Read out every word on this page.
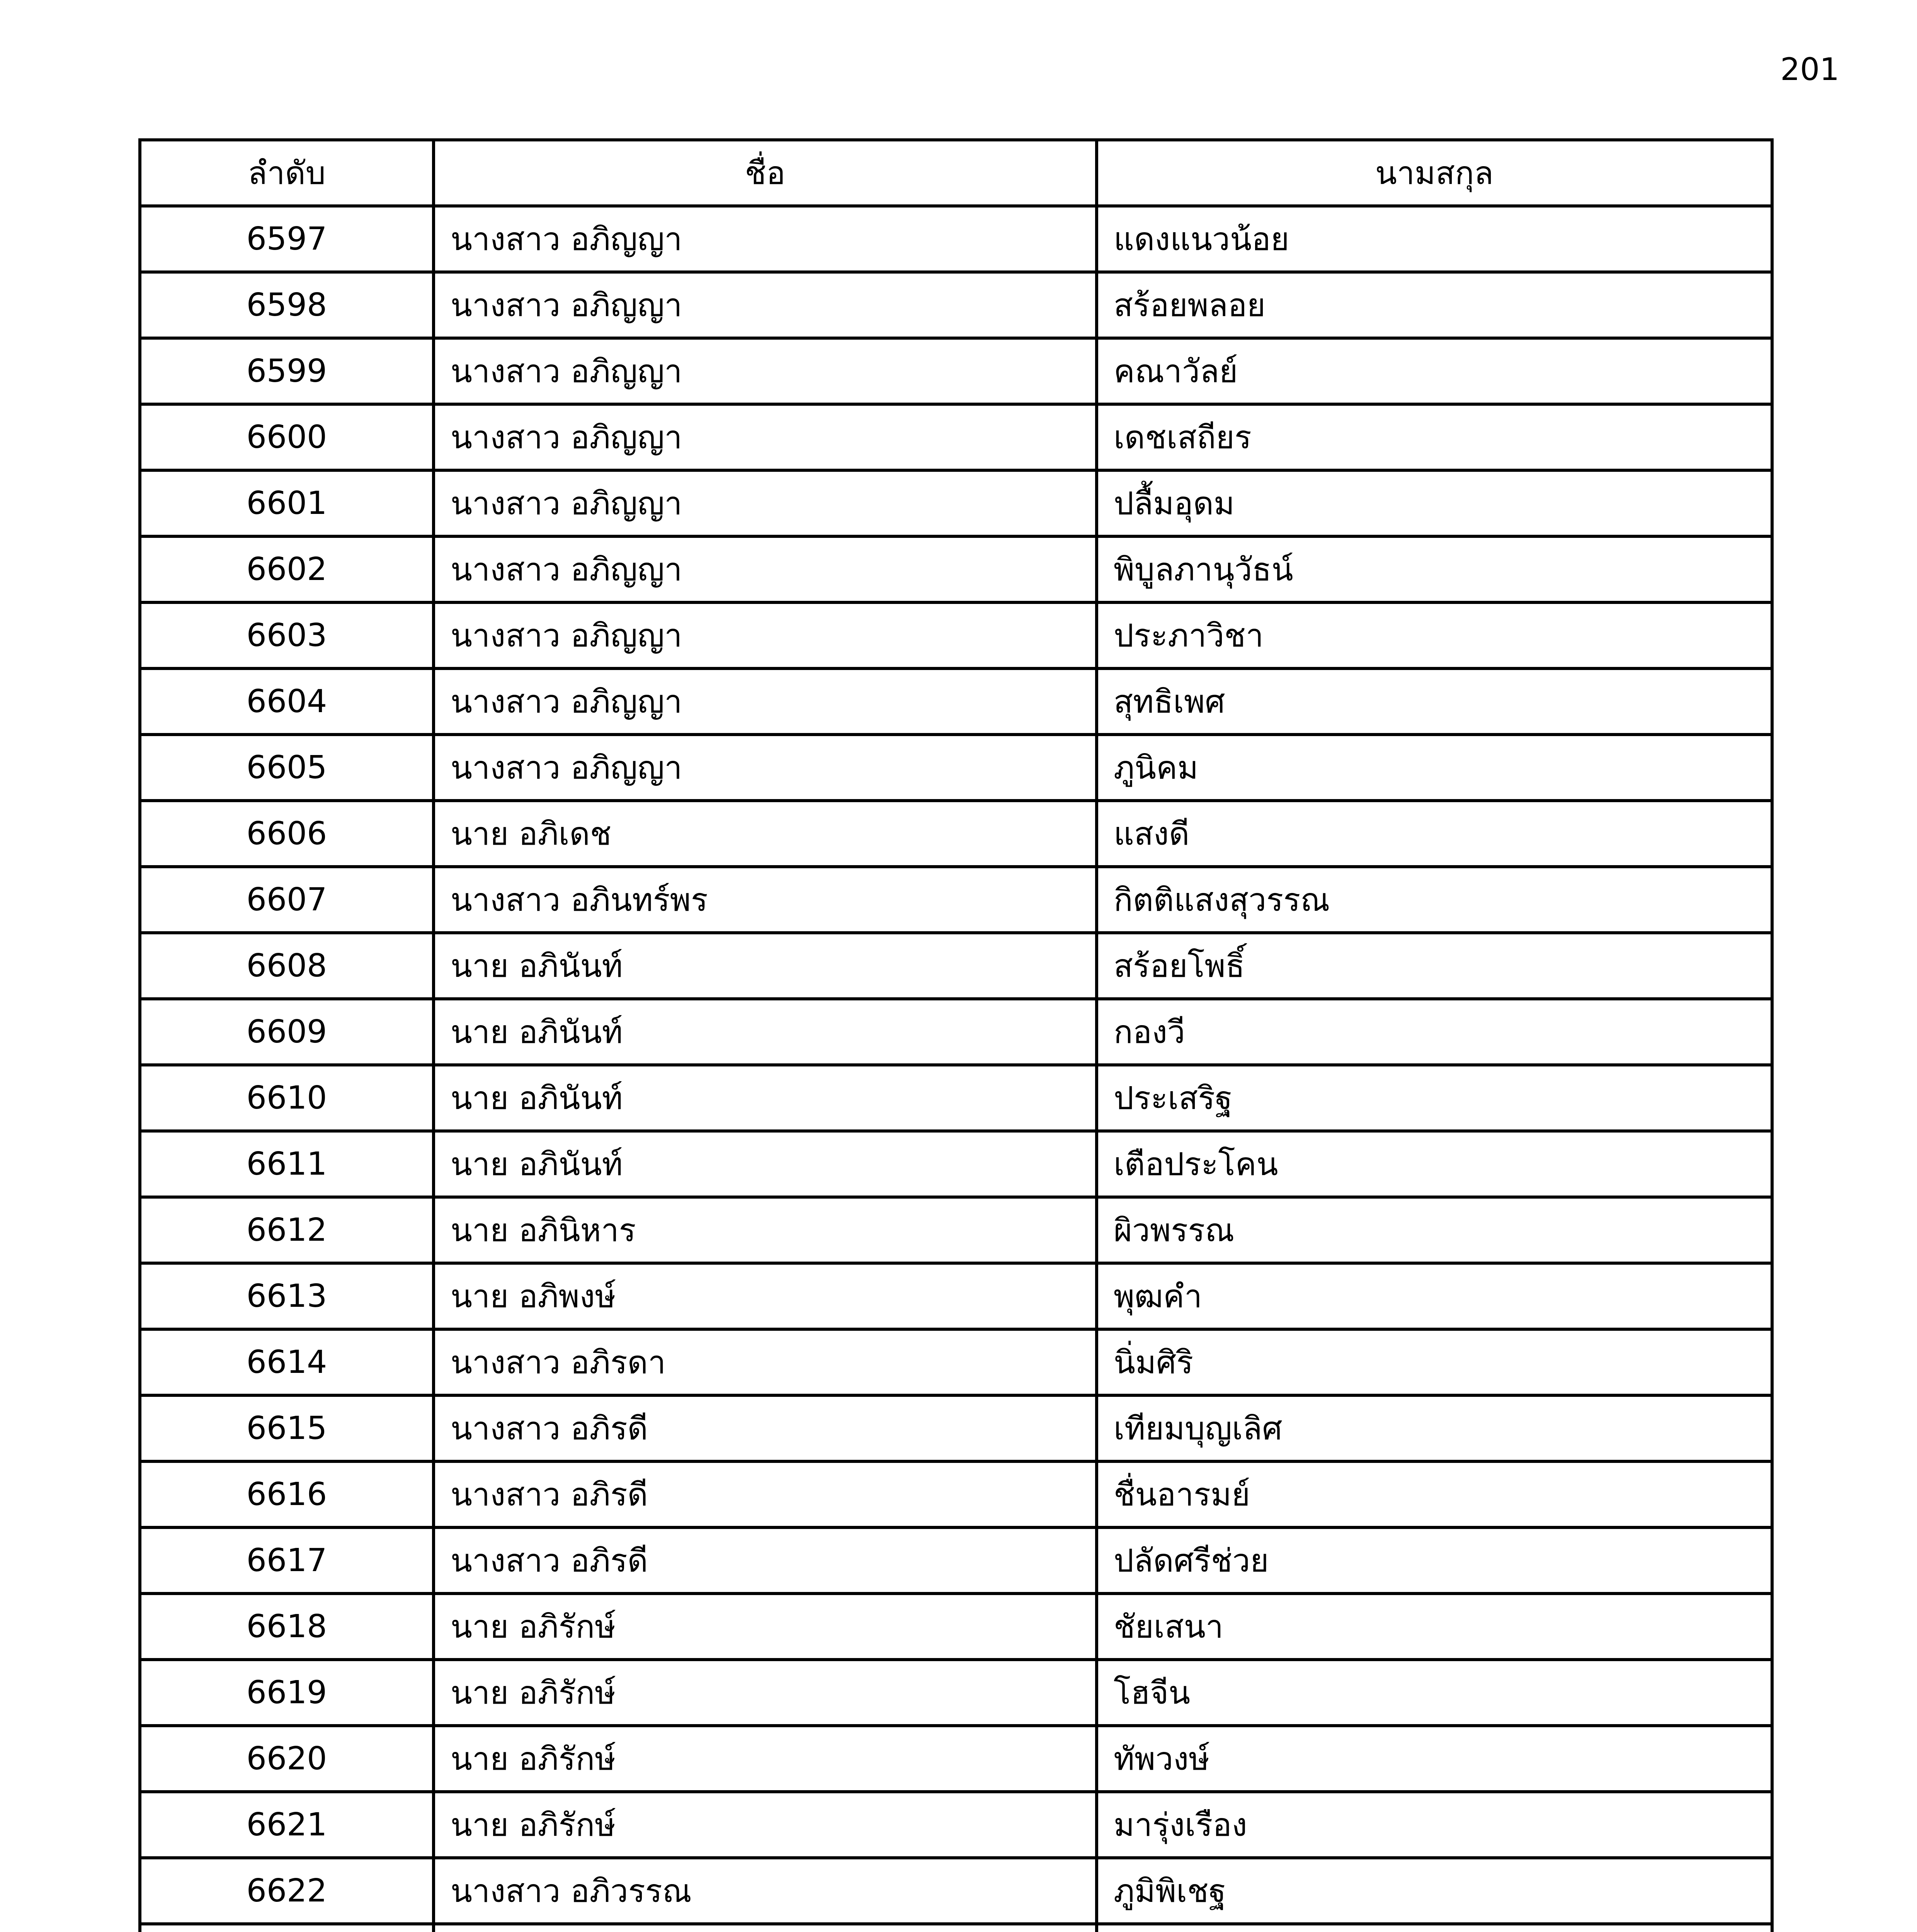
201
ลำดับ	ชื่อ	นามสกุล
6597	นางสาว อภิญญา	แดงแนวน้อย
6598	นางสาว อภิญญา	สร้อยพลอย
6599	นางสาว อภิญญา	คณาวัลย์
6600	นางสาว อภิญญา	เดชเสถียร
6601	นางสาว อภิญญา	ปลื้มอุดม
6602	นางสาว อภิญญา	พิบูลภานุวัธน์
6603	นางสาว อภิญญา	ประภาวิชา
6604	นางสาว อภิญญา	สุทธิเพศ
6605	นางสาว อภิญญา	ภูนิคม
6606	นาย อภิเดช	แสงดี
6607	นางสาว อภินทร์พร	กิตติแสงสุวรรณ
6608	นาย อภินันท์	สร้อยโพธิ์
6609	นาย อภินันท์	กองวี
6610	นาย อภินันท์	ประเสริฐ
6611	นาย อภินันท์	เตือประโคน
6612	นาย อภินิหาร	ผิวพรรณ
6613	นาย อภิพงษ์	พุฒคำ
6614	นางสาว อภิรดา	นิ่มศิริ
6615	นางสาว อภิรดี	เทียมบุญเลิศ
6616	นางสาว อภิรดี	ชื่นอารมย์
6617	นางสาว อภิรดี	ปลัดศรีช่วย
6618	นาย อภิรักษ์	ชัยเสนา
6619	นาย อภิรักษ์	โฮจีน
6620	นาย อภิรักษ์	ทัพวงษ์
6621	นาย อภิรักษ์	มารุ่งเรือง
6622	นางสาว อภิวรรณ	ภูมิพิเชฐ
